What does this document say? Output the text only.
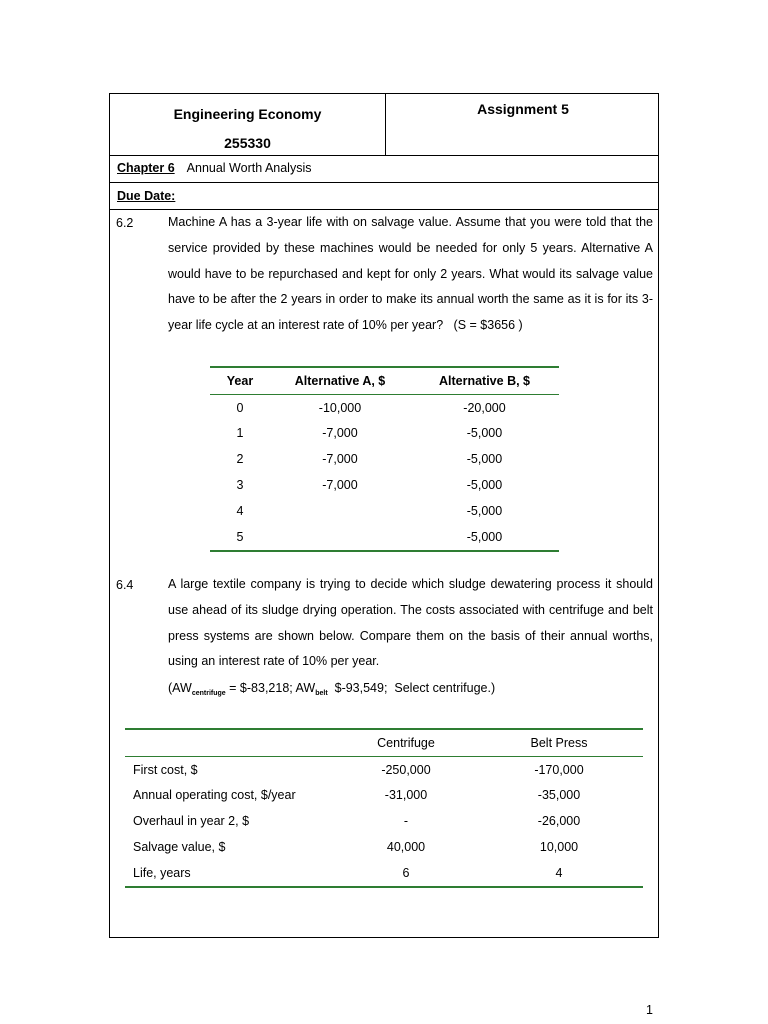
Engineering Economy
255330
Assignment 5
Chapter 6 Annual Worth Analysis
Due Date:
6.2	Machine A has a 3-year life with on salvage value. Assume that you were told that the service provided by these machines would be needed for only 5 years. Alternative A would have to be repurchased and kept for only 2 years. What would its salvage value have to be after the 2 years in order to make its annual worth the same as it is for its 3-year life cycle at an interest rate of 10% per year?   (S = $3656 )

Year	Alternative A, $	Alternative B, $
0	-10,000	-20,000
1	-7,000	-5,000
2	-7,000	-5,000
3	-7,000	-5,000
4		-5,000
5		-5,000
6.4	A large textile company is trying to decide which sludge dewatering process it should use ahead of its sludge drying operation. The costs associated with centrifuge and belt press systems are shown below. Compare them on the basis of their annual worths, using an interest rate of 10% per year.

($AW_{centrifuge}$ = $-83,218; $AW_{belt}$  $-93,549;  Select centrifuge.)
	Centrifuge	Belt Press
First cost, $	-250,000	-170,000
Annual operating cost, $/year	-31,000	-35,000
Overhaul in year 2, $	-	-26,000
Salvage value, $	40,000	10,000
Life, years	6	4
1
